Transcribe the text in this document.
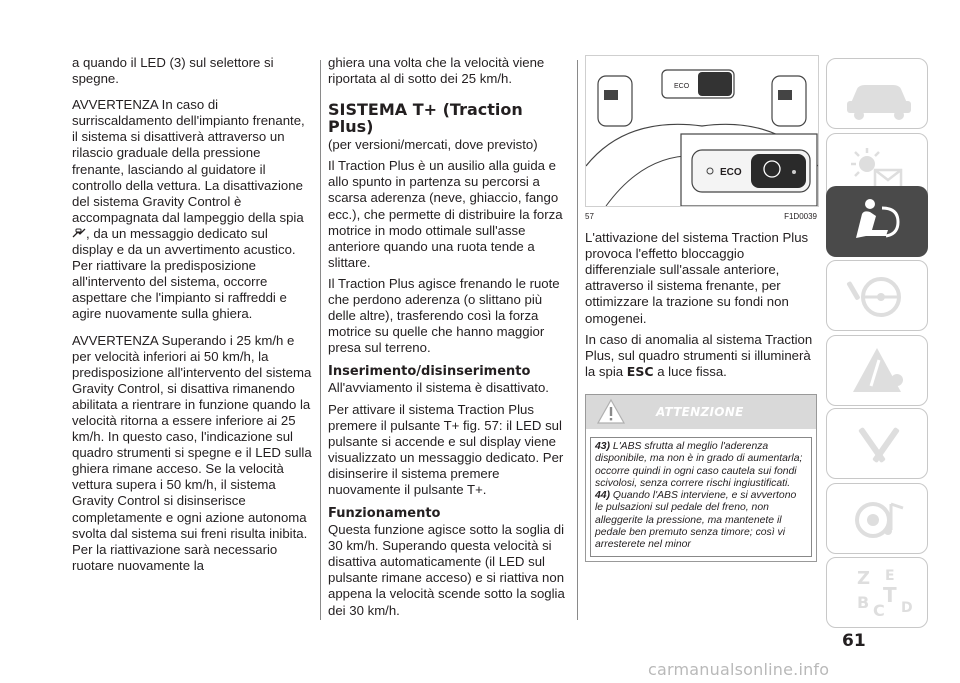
a quando il LED (3) sul selettore si spegne.

AVVERTENZA In caso di surriscaldamento dell'impianto frenante, il sistema si disattiverà attraverso un rilascio graduale della pressione frenante, lasciando al guidatore il controllo della vettura. La disattivazione del sistema Gravity Control è accompagnata dal lampeggio della spia , da un messaggio dedicato sul display e da un avvertimento acustico. Per riattivare la predisposizione all'intervento del sistema, occorre aspettare che l'impianto si raffreddi e agire nuovamente sulla ghiera.

AVVERTENZA Superando i 25 km/h e per velocità inferiori ai 50 km/h, la predisposizione all'intervento del sistema Gravity Control, si disattiva rimanendo abilitata a rientrare in funzione quando la velocità ritorna a essere inferiore ai 25 km/h. In questo caso, l'indicazione sul quadro strumenti si spegne e il LED sulla ghiera rimane acceso. Se la velocità vettura supera i 50 km/h, il sistema Gravity Control si disinserisce completamente e ogni azione autonoma svolta dal sistema sui freni risulta inibita. Per la riattivazione sarà necessario ruotare nuovamente la

ghiera una volta che la velocità viene riportata al di sotto dei 25 km/h.

SISTEMA T+ (Traction Plus)

(per versioni/mercati, dove previsto)

Il Traction Plus è un ausilio alla guida e allo spunto in partenza su percorsi a scarsa aderenza (neve, ghiaccio, fango ecc.), che permette di distribuire la forza motrice in modo ottimale sull'asse anteriore quando una ruota tende a slittare.

Il Traction Plus agisce frenando le ruote che perdono aderenza (o slittano più delle altre), trasferendo così la forza motrice su quelle che hanno maggior presa sul terreno.

Inserimento/disinserimento

All'avviamento il sistema è disattivato.

Per attivare il sistema Traction Plus premere il pulsante T+ fig. 57: il LED sul pulsante si accende e sul display viene visualizzato un messaggio dedicato. Per disinserire il sistema premere nuovamente il pulsante T+.

Funzionamento

Questa funzione agisce sotto la soglia di 30 km/h. Superando questa velocità si disattiva automaticamente (il LED sul pulsante rimane acceso) e si riattiva non appena la velocità scende sotto la soglia dei 30 km/h.

ECO
ECO
57	F1D0039

L'attivazione del sistema Traction Plus provoca l'effetto bloccaggio differenziale sull'assale anteriore, attraverso il sistema frenante, per ottimizzare la trazione su fondi non omogenei.

In caso di anomalia al sistema Traction Plus, sul quadro strumenti si illuminerà la spia ESC a luce fissa.

ATTENZIONE

43) L'ABS sfrutta al meglio l'aderenza disponibile, ma non è in grado di aumentarla; occorre quindi in ogni caso cautela sui fondi scivolosi, senza correre rischi ingiustificati.

44) Quando l'ABS interviene, e si avvertono le pulsazioni sul pedale del freno, non alleggerite la pressione, ma mantenete il pedale ben premuto senza timore; così vi arresterete nel minor

Z E
B C
T
D
61
carmanualsonline.info
